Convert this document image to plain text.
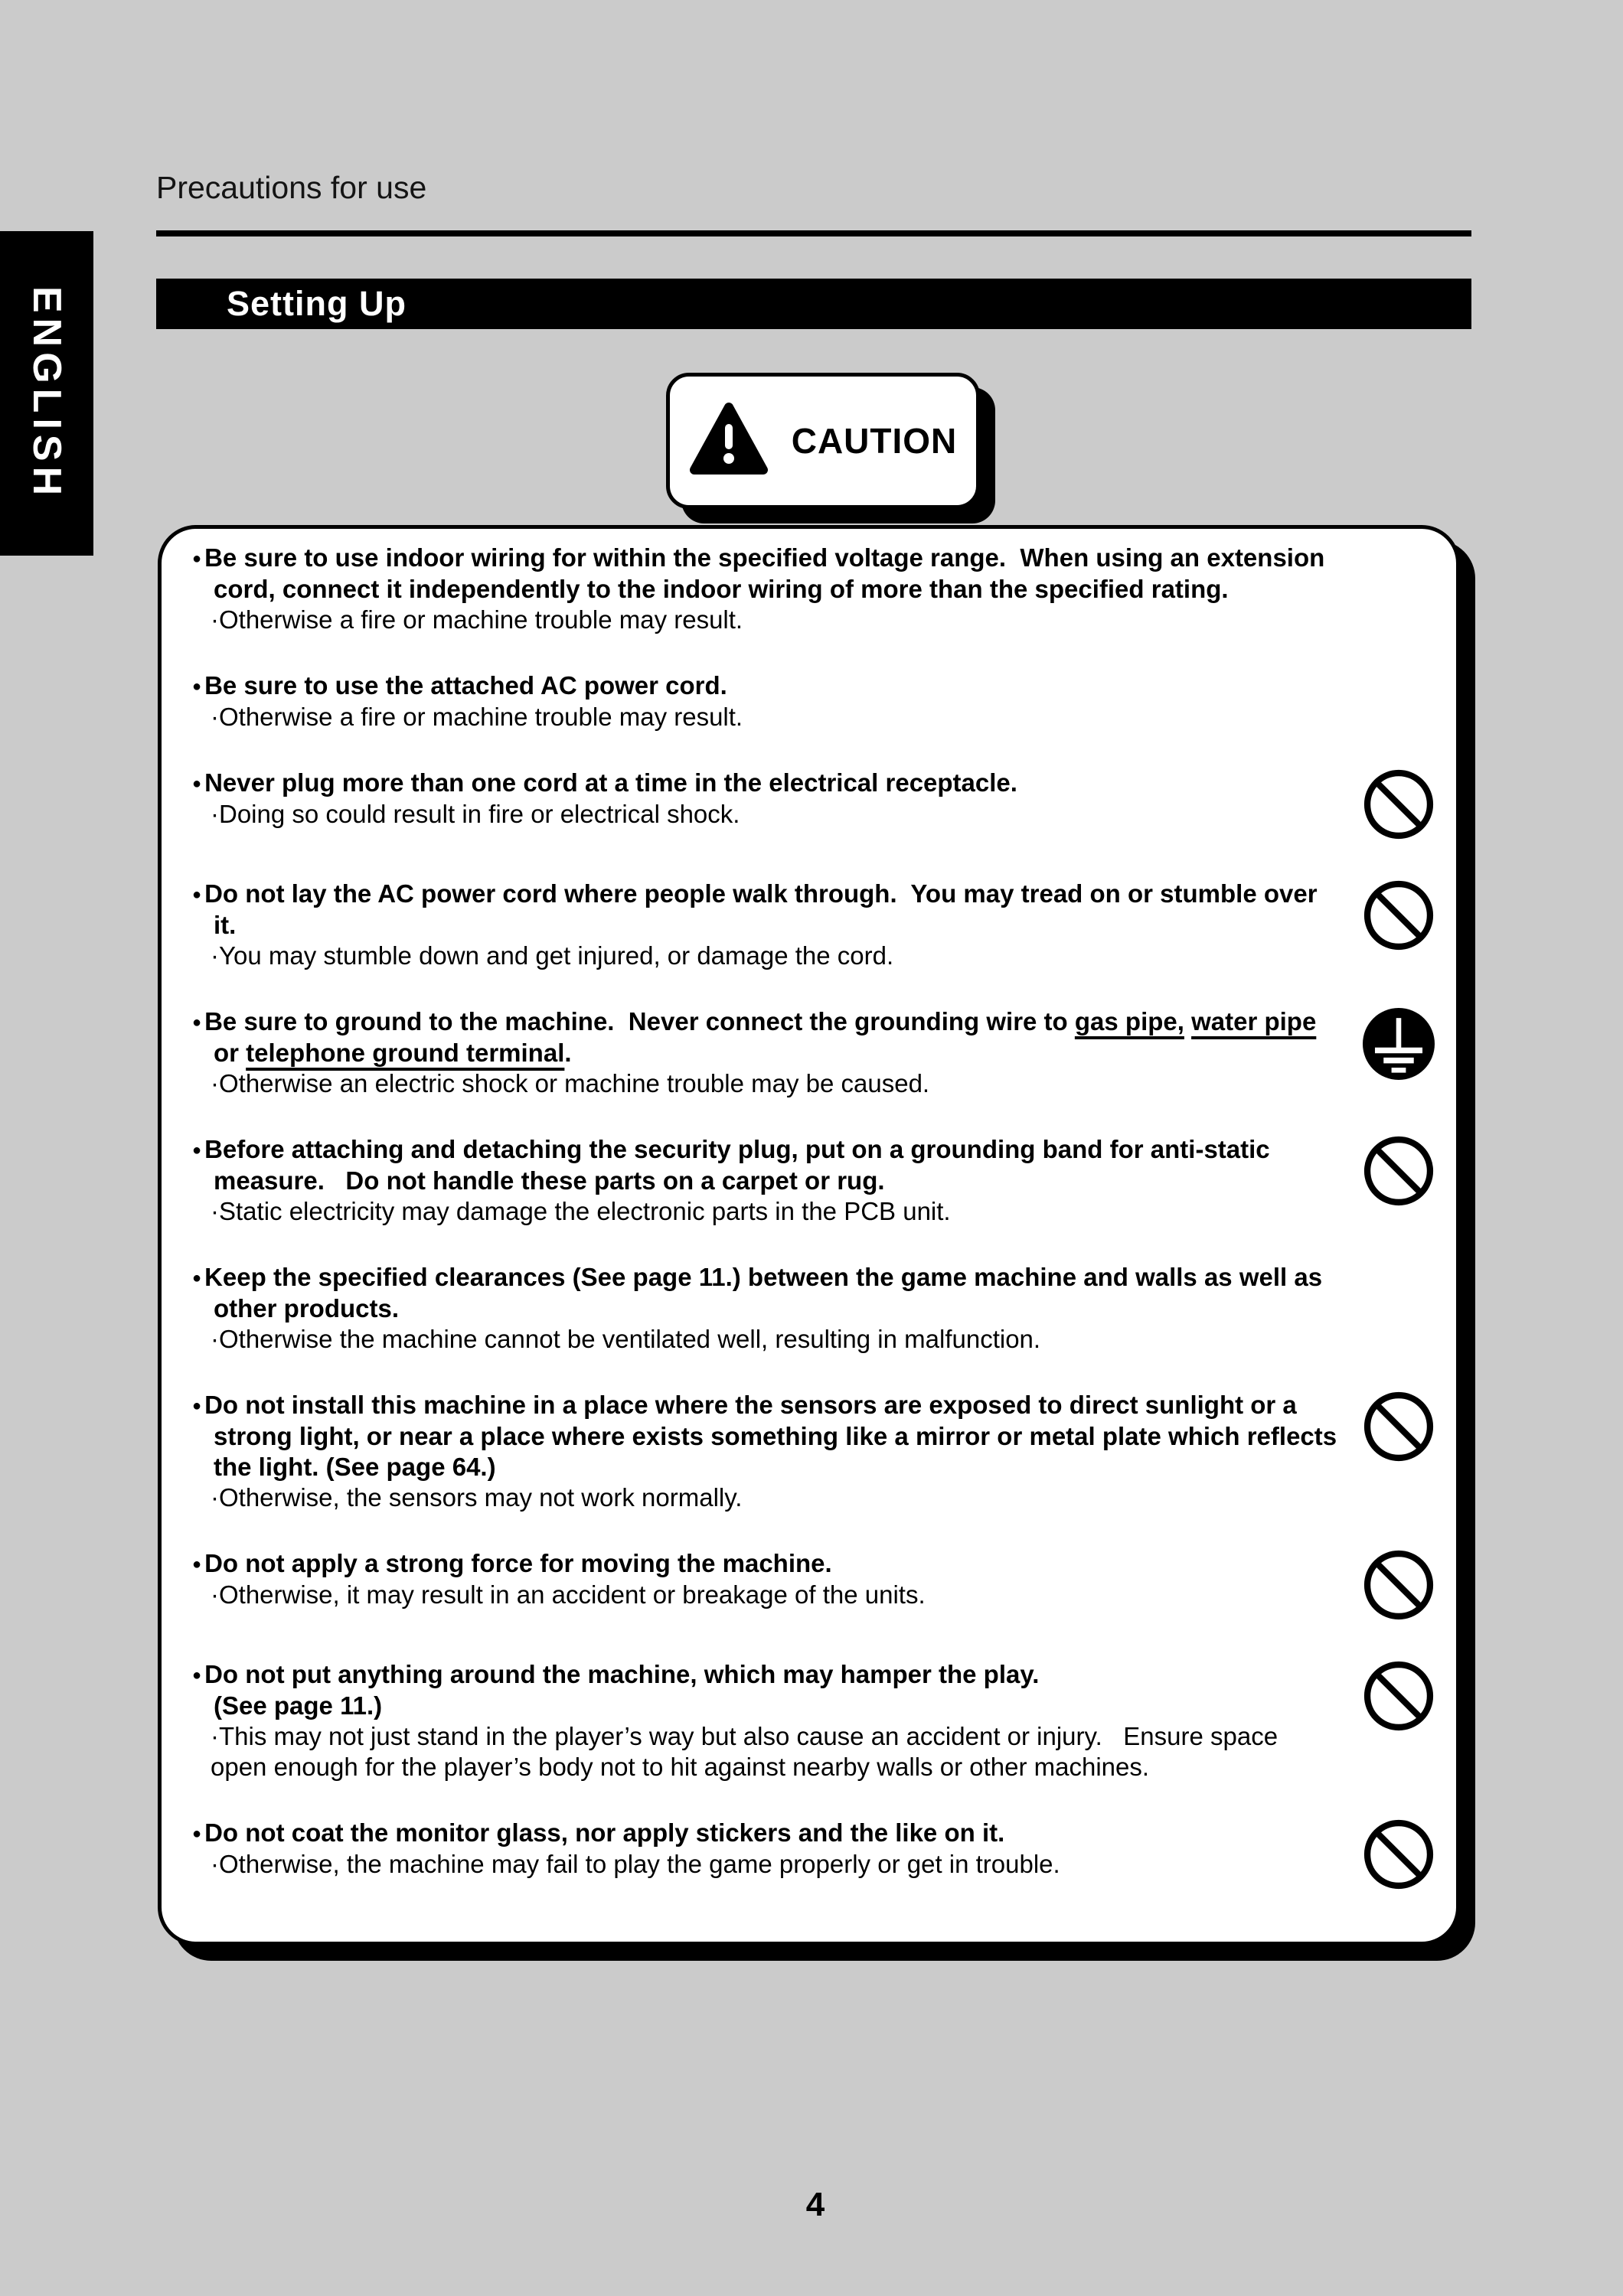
ENGLISH
Precautions for use
Setting Up
CAUTION
● Be sure to use indoor wiring for within the specified voltage range.  When using an extension cord, connect it independently to the indoor wiring of more than the specified rating.
·Otherwise a fire or machine trouble may result.
● Be sure to use the attached AC power cord.
·Otherwise a fire or machine trouble may result.
● Never plug more than one cord at a time in the electrical receptacle.
·Doing so could result in fire or electrical shock.
● Do not lay the AC power cord where people walk through.  You may tread on or stumble over it.
·You may stumble down and get injured, or damage the cord.
● Be sure to ground to the machine.  Never connect the grounding wire to gas pipe, water pipe or telephone ground terminal.
·Otherwise an electric shock or machine trouble may be caused.
● Before attaching and detaching the security plug, put on a grounding band for anti-static measure.   Do not handle these parts on a carpet or rug.
·Static electricity may damage the electronic parts in the PCB unit.
● Keep the specified clearances (See page 11.) between the game machine and walls as well as other products.
·Otherwise the machine cannot be ventilated well, resulting in malfunction.
● Do not install this machine in a place where the sensors are exposed to direct sunlight or a strong light, or near a place where exists something like a mirror or metal plate which reflects the light. (See page 64.)
·Otherwise, the sensors may not work normally.
● Do not apply a strong force for moving the machine.
·Otherwise, it may result in an accident or breakage of the units.
● Do not put anything around the machine, which may hamper the play.
(See page 11.)
·This may not just stand in the player’s way but also cause an accident or injury.   Ensure space open enough for the player’s body not to hit against nearby walls or other machines.
● Do not coat the monitor glass, nor apply stickers and the like on it.
·Otherwise, the machine may fail to play the game properly or get in trouble.
4
